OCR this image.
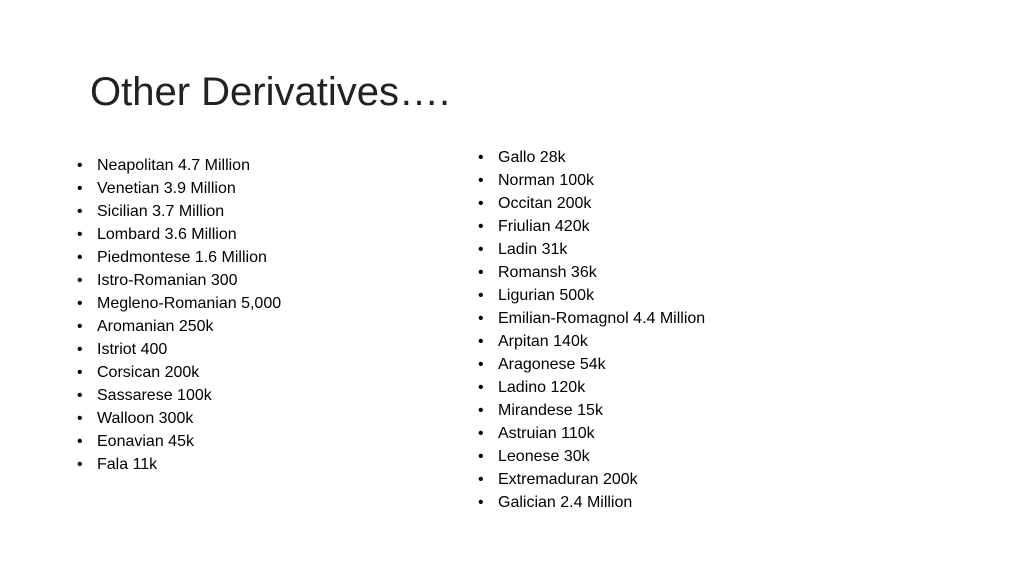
Other Derivatives….
• Neapolitan 4.7 Million
• Venetian 3.9 Million
• Sicilian 3.7 Million
• Lombard 3.6 Million
• Piedmontese 1.6 Million
• Istro-Romanian 300
• Megleno-Romanian 5,000
• Aromanian 250k
• Istriot 400
• Corsican 200k
• Sassarese 100k
• Walloon 300k
• Eonavian 45k
• Fala 11k
• Gallo 28k
• Norman 100k
• Occitan 200k
• Friulian 420k
• Ladin 31k
• Romansh 36k
• Ligurian 500k
• Emilian-Romagnol 4.4 Million
• Arpitan 140k
• Aragonese 54k
• Ladino 120k
• Mirandese 15k
• Astruian 110k
• Leonese 30k
• Extremaduran 200k
• Galician 2.4 Million
